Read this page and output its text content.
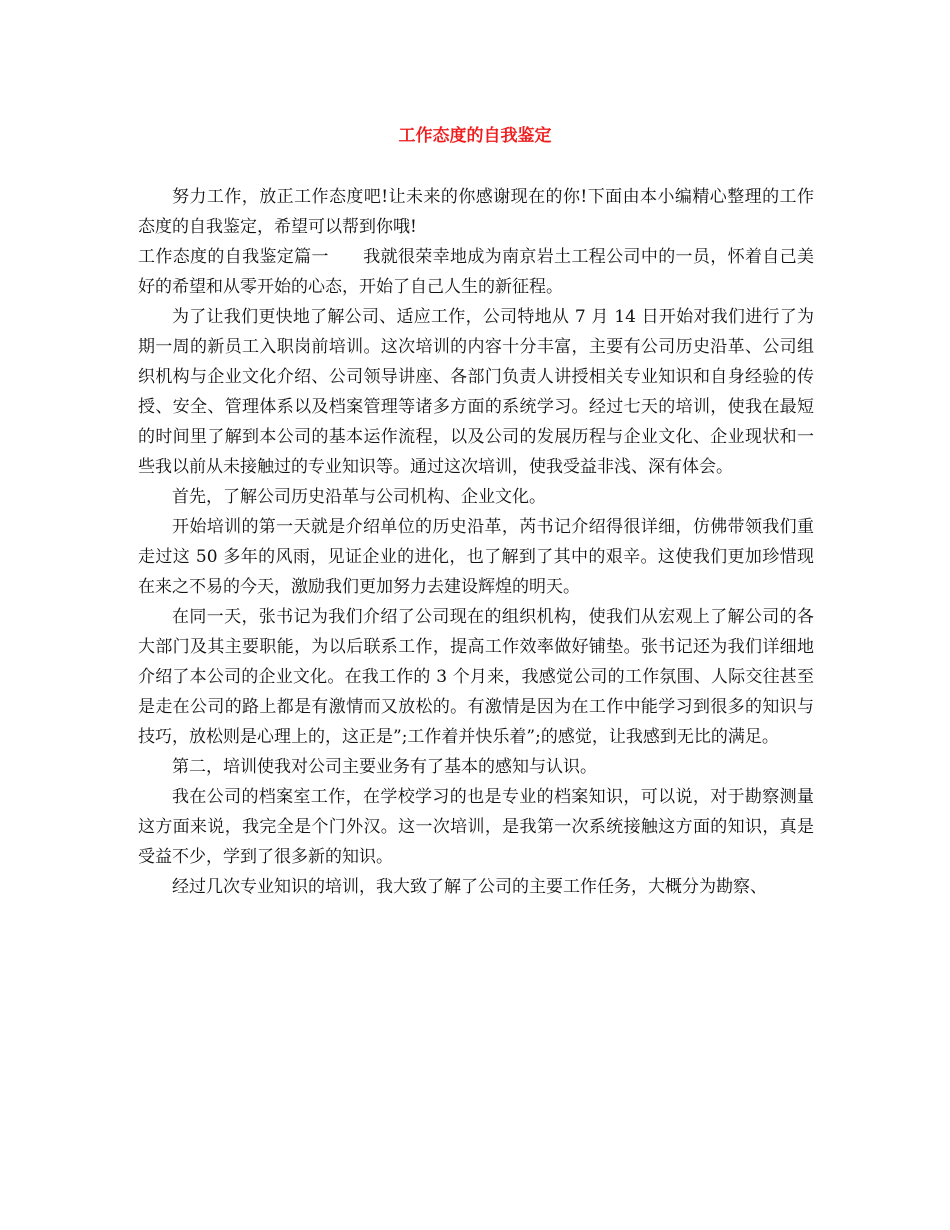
工作态度的自我鉴定

努力工作，放正工作态度吧!让未来的你感谢现在的你!下面由本小编精心整理的工作态度的自我鉴定，希望可以帮到你哦!

工作态度的自我鉴定篇一 我就很荣幸地成为南京岩土工程公司中的一员，怀着自己美好的希望和从零开始的心态，开始了自己人生的新征程。

为了让我们更快地了解公司、适应工作，公司特地从 7 月 14 日开始对我们进行了为期一周的新员工入职岗前培训。这次培训的内容十分丰富，主要有公司历史沿革、公司组织机构与企业文化介绍、公司领导讲座、各部门负责人讲授相关专业知识和自身经验的传授、安全、管理体系以及档案管理等诸多方面的系统学习。经过七天的培训，使我在最短的时间里了解到本公司的基本运作流程，以及公司的发展历程与企业文化、企业现状和一些我以前从未接触过的专业知识等。通过这次培训，使我受益非浅、深有体会。

首先，了解公司历史沿革与公司机构、企业文化。

开始培训的第一天就是介绍单位的历史沿革，芮书记介绍得很详细，仿佛带领我们重走过这 50 多年的风雨，见证企业的进化，也了解到了其中的艰辛。这使我们更加珍惜现在来之不易的今天，激励我们更加努力去建设辉煌的明天。

在同一天，张书记为我们介绍了公司现在的组织机构，使我们从宏观上了解公司的各大部门及其主要职能，为以后联系工作，提高工作效率做好铺垫。张书记还为我们详细地介绍了本公司的企业文化。在我工作的 3 个月来，我感觉公司的工作氛围、人际交往甚至是走在公司的路上都是有激情而又放松的。有激情是因为在工作中能学习到很多的知识与技巧，放松则是心理上的，这正是”;工作着并快乐着”;的感觉，让我感到无比的满足。

第二，培训使我对公司主要业务有了基本的感知与认识。

我在公司的档案室工作，在学校学习的也是专业的档案知识，可以说，对于勘察测量这方面来说，我完全是个门外汉。这一次培训，是我第一次系统接触这方面的知识，真是受益不少，学到了很多新的知识。

经过几次专业知识的培训，我大致了解了公司的主要工作任务，大概分为勘察、
